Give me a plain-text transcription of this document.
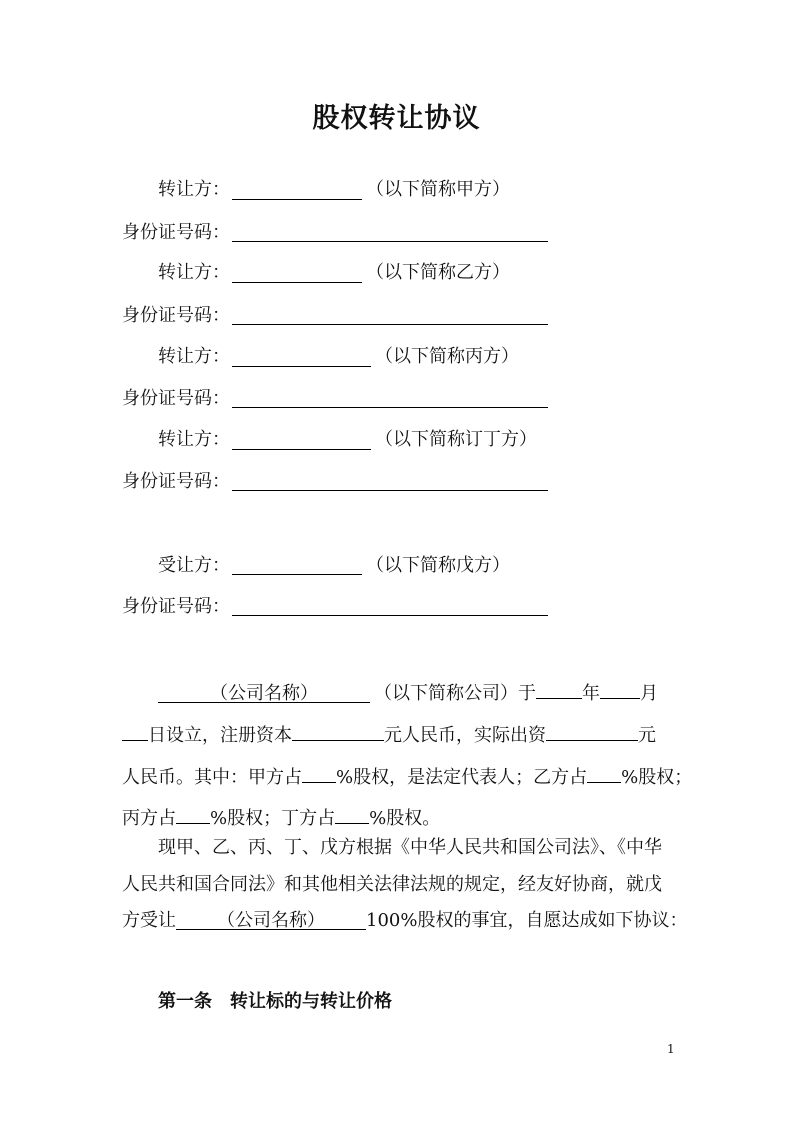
股权转让协议
转让方：	（以下简称甲方）
身份证号码：
转让方：	（以下简称乙方）
身份证号码：
转让方：	（以下简称丙方）
身份证号码：
转让方：	（以下简称订丁方）
身份证号码：
受让方：	（以下简称戊方）
身份证号码：
（公司名称）	（以下简称公司）于	年 月
日设立，注册资本	元人民币，实际出资	元
人民币。其中：甲方占 %股权，是法定代表人；乙方占 %股权；
丙方占 %股权；丁方占 %股权。
现甲、乙、丙、丁、戊方根据《中华人民共和国公司法》、《中华
人民共和国合同法》和其他相关法律法规的规定，经友好协商，就戊
方受让 （公司名称） 100%股权的事宜，自愿达成如下协议：
第一条　转让标的与转让价格
1
